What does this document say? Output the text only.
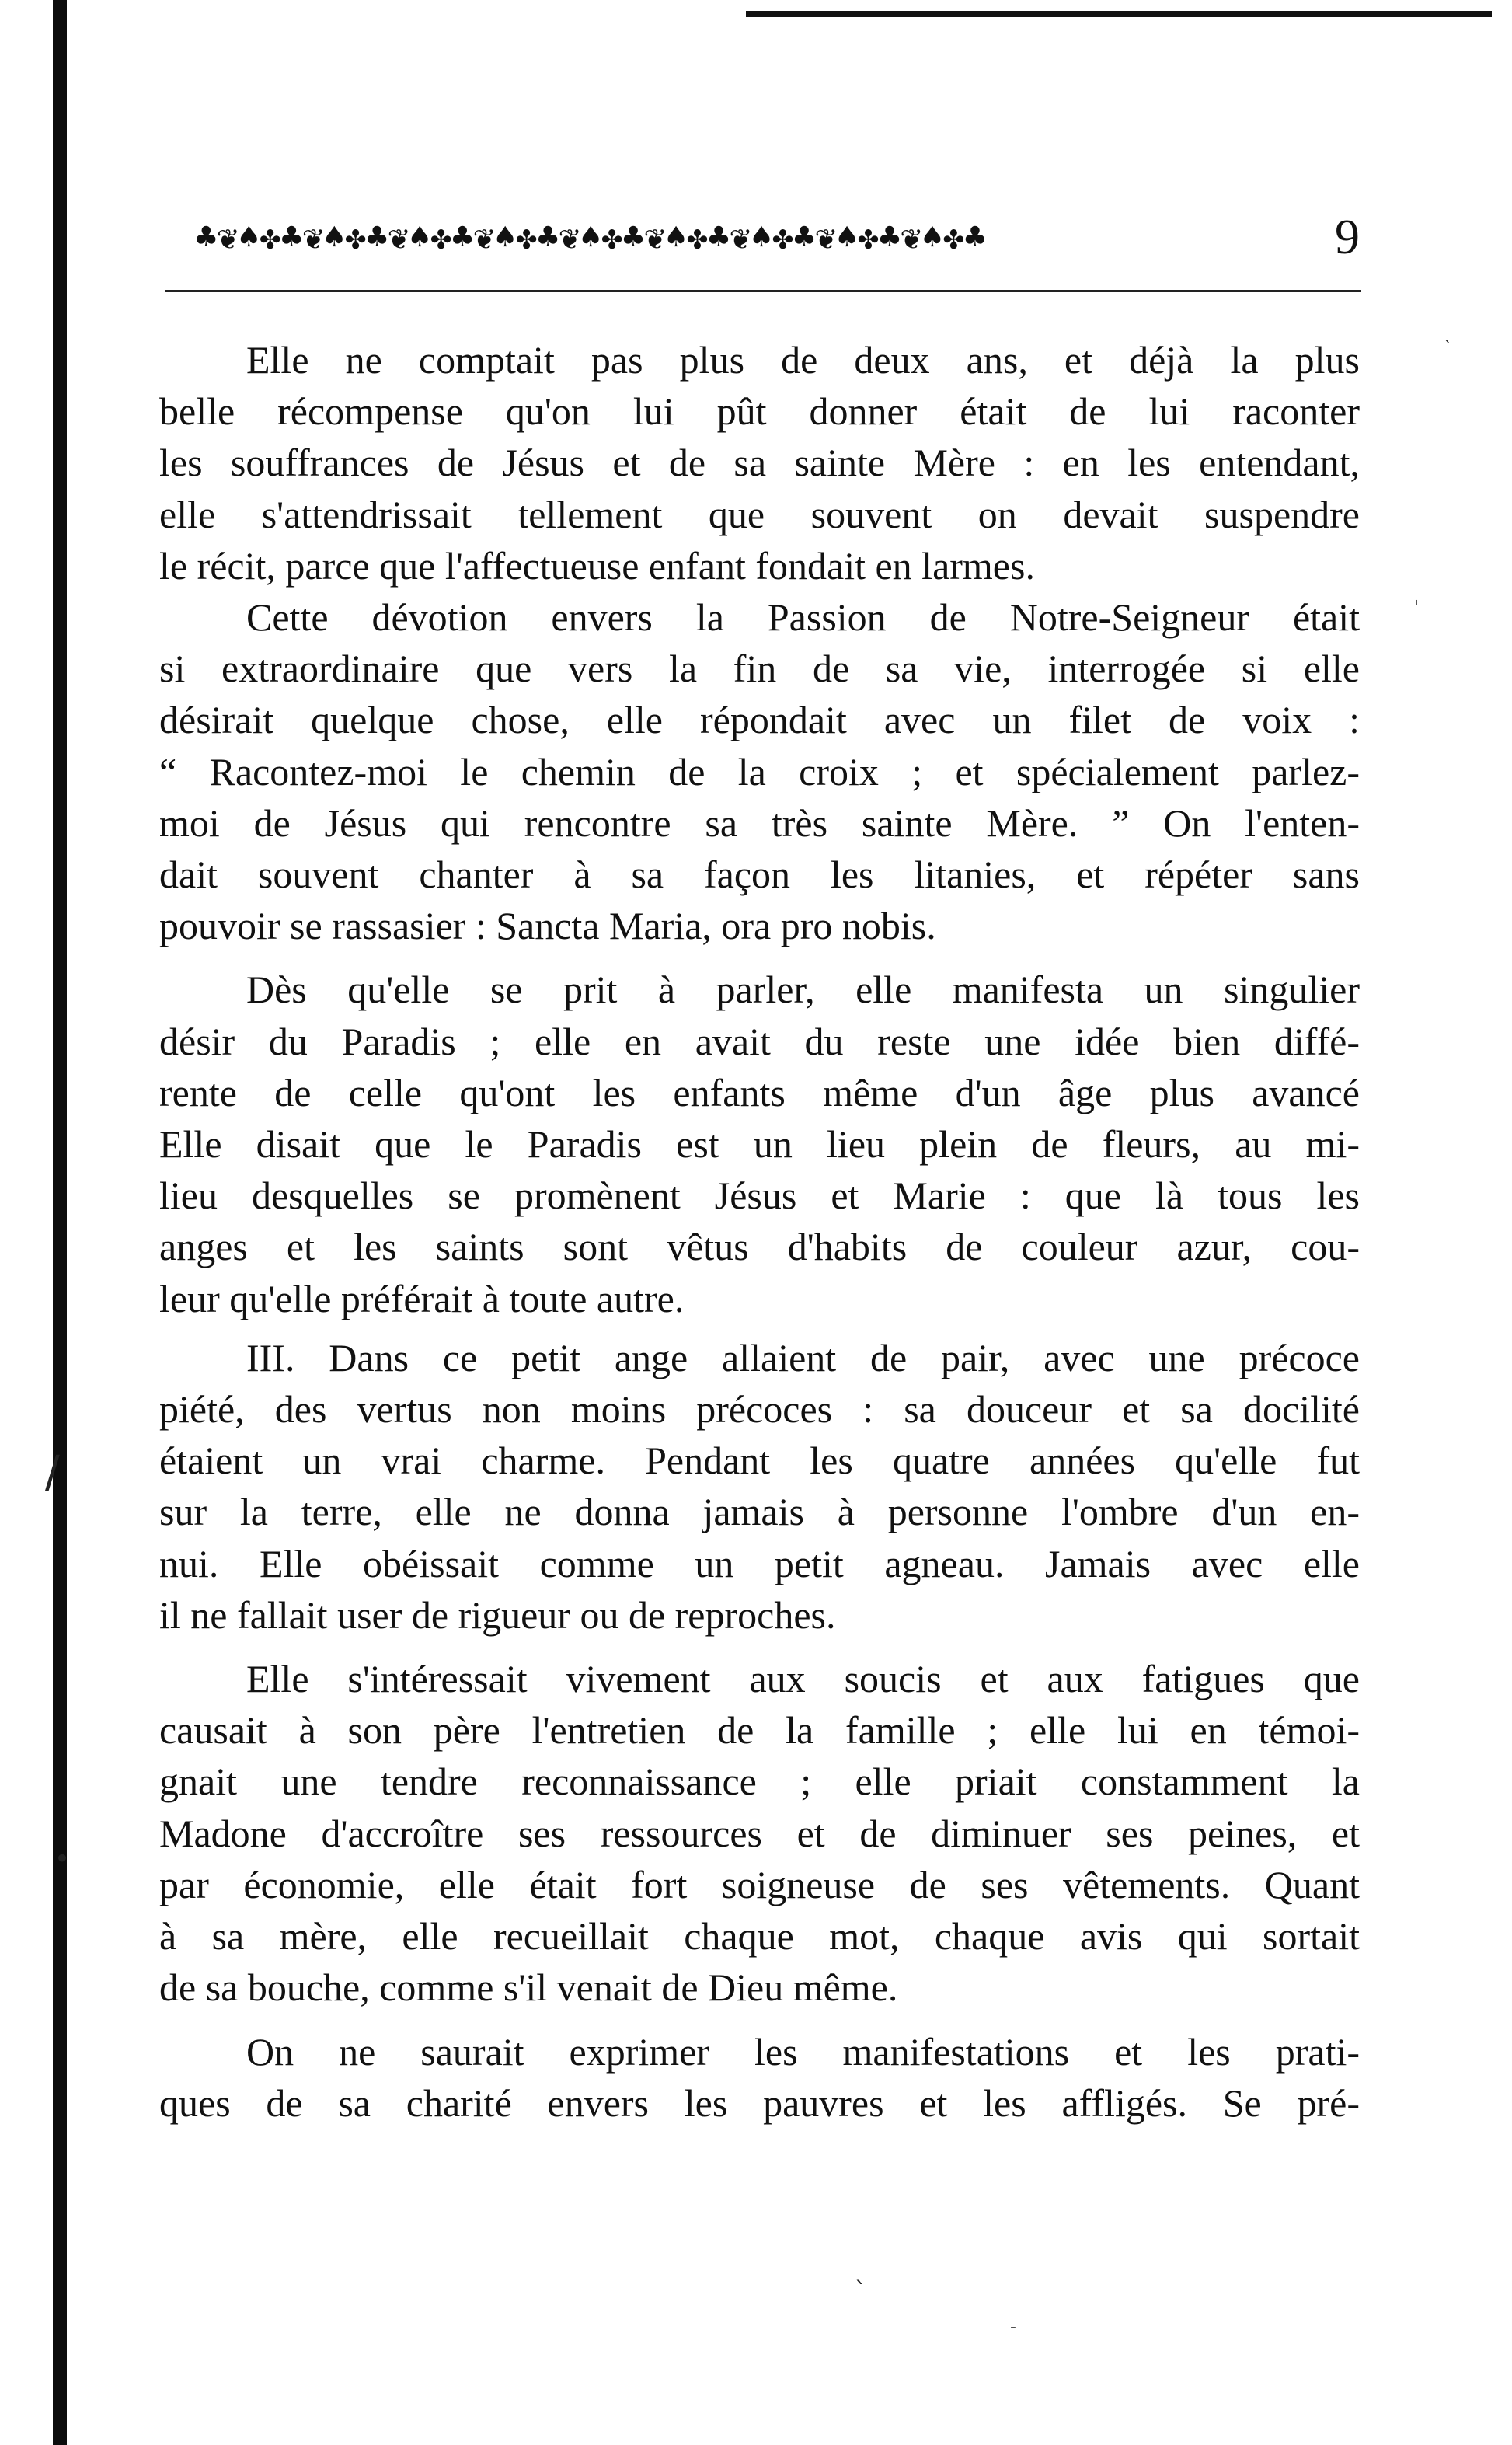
♣❦♠✤♣❦♠✤♣❦♠✤♣❦♠✤♣❦♠✤♣❦♠✤♣❦♠✤♣❦♠✤♣❦♠✤♣	9
Elle ne comptait pas plus de deux ans, et déjà la plus
belle récompense qu'on lui pût donner était de lui raconter
les souffrances de Jésus et de sa sainte Mère : en les entendant,
elle s'attendrissait tellement que souvent on devait suspendre
le récit, parce que l'affectueuse enfant fondait en larmes.
Cette dévotion envers la Passion de Notre-Seigneur était
si extraordinaire que vers la fin de sa vie, interrogée si elle
désirait quelque chose, elle répondait avec un filet de voix :
“ Racontez-moi le chemin de la croix ; et spécialement parlez-
moi de Jésus qui rencontre sa très sainte Mère. ” On l'enten-
dait souvent chanter à sa façon les litanies, et répéter sans
pouvoir se rassasier : Sancta Maria, ora pro nobis.
Dès qu'elle se prit à parler, elle manifesta un singulier
désir du Paradis ; elle en avait du reste une idée bien diffé-
rente de celle qu'ont les enfants même d'un âge plus avancé
Elle disait que le Paradis est un lieu plein de fleurs, au mi-
lieu desquelles se promènent Jésus et Marie : que là tous les
anges et les saints sont vêtus d'habits de couleur azur, cou-
leur qu'elle préférait à toute autre.
III. Dans ce petit ange allaient de pair, avec une précoce
piété, des vertus non moins précoces : sa douceur et sa docilité
étaient un vrai charme. Pendant les quatre années qu'elle fut
sur la terre, elle ne donna jamais à personne l'ombre d'un en-
nui. Elle obéissait comme un petit agneau. Jamais avec elle
il ne fallait user de rigueur ou de reproches.
Elle s'intéressait vivement aux soucis et aux fatigues que
causait à son père l'entretien de la famille ; elle lui en témoi-
gnait une tendre reconnaissance ; elle priait constamment la
Madone d'accroître ses ressources et de diminuer ses peines, et
par économie, elle était fort soigneuse de ses vêtements. Quant
à sa mère, elle recueillait chaque mot, chaque avis qui sortait
de sa bouche, comme s'il venait de Dieu même.
On ne saurait exprimer les manifestations et les prati-
ques de sa charité envers les pauvres et les affligés. Se pré-
ˋ
ˈ
/
•
ˎ
-
